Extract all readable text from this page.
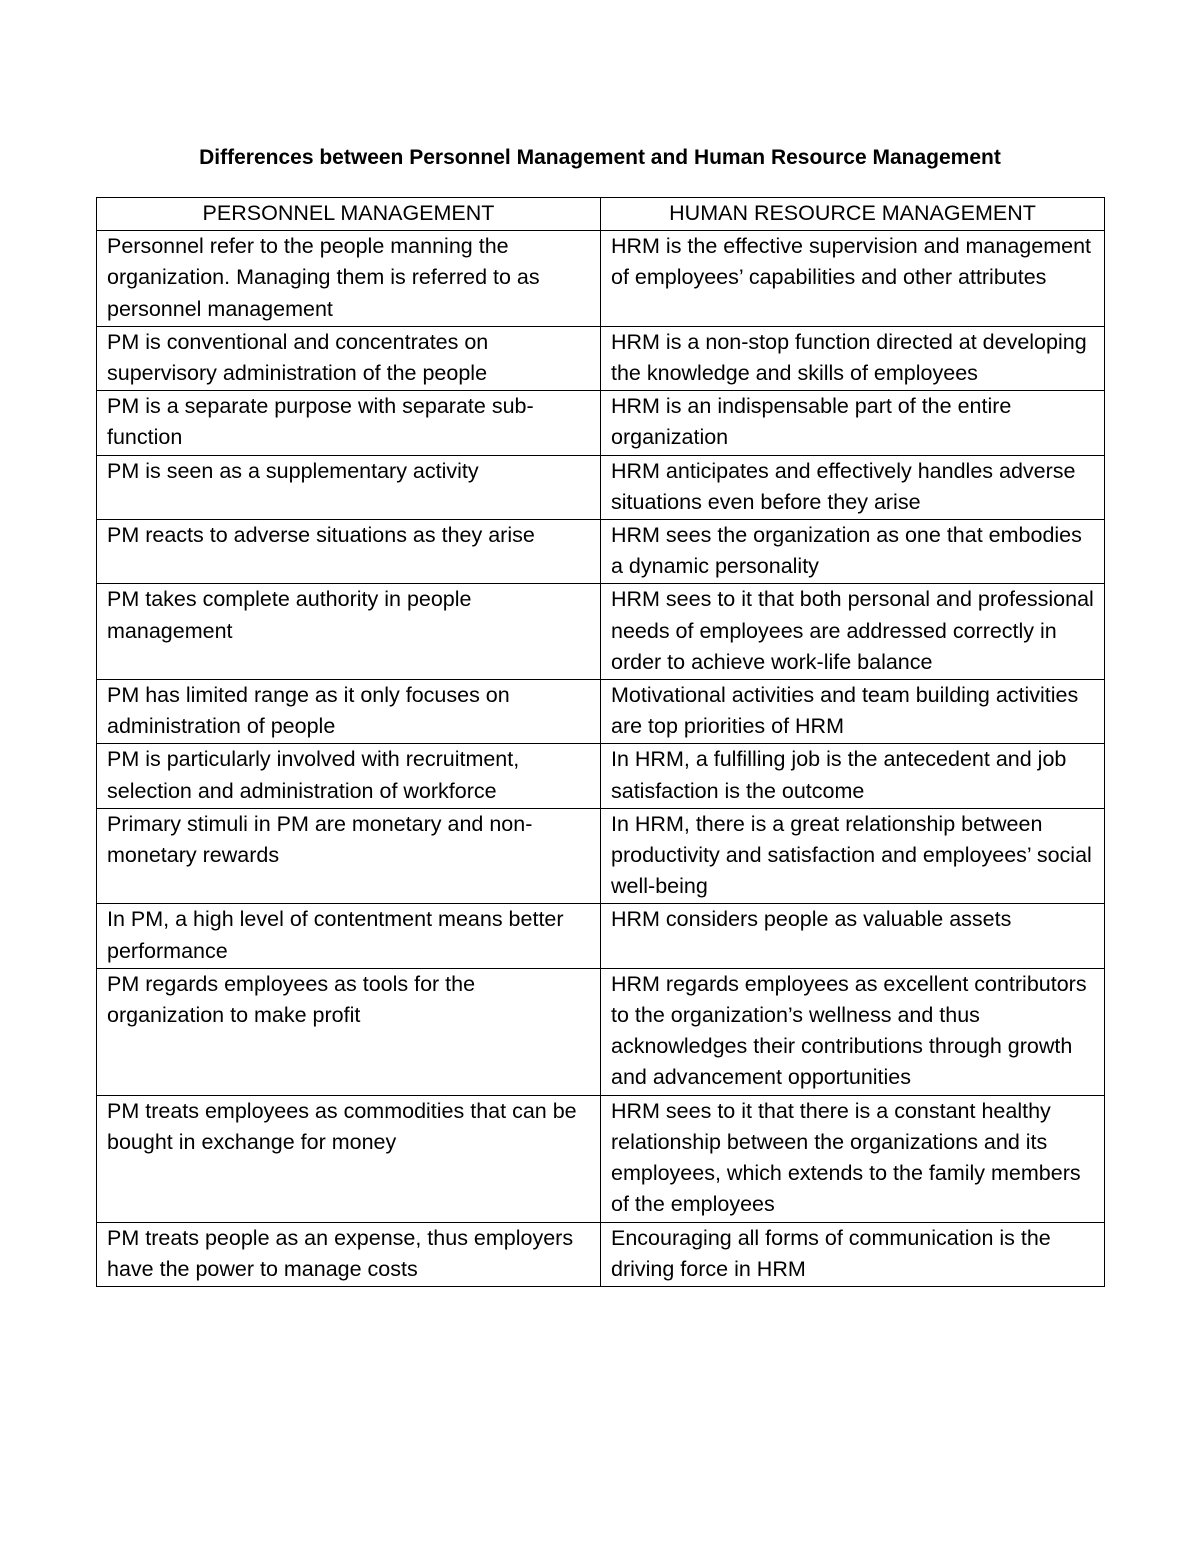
Differences between Personnel Management and Human Resource Management
PERSONNEL MANAGEMENT	HUMAN RESOURCE MANAGEMENT
Personnel refer to the people manning the organization. Managing them is referred to as personnel management	HRM is the effective supervision and management of employees’ capabilities and other attributes
PM is conventional and concentrates on supervisory administration of the people	HRM is a non-stop function directed at developing the knowledge and skills of employees
PM is a separate purpose with separate sub-function	HRM is an indispensable part of the entire organization
PM is seen as a supplementary activity	HRM anticipates and effectively handles adverse situations even before they arise
PM reacts to adverse situations as they arise	HRM sees the organization as one that embodies a dynamic personality
PM takes complete authority in people management	HRM sees to it that both personal and professional needs of employees are addressed correctly in order to achieve work-life balance
PM has limited range as it only focuses on administration of people	Motivational activities and team building activities are top priorities of HRM
PM is particularly involved with recruitment, selection and administration of workforce	In HRM, a fulfilling job is the antecedent and job satisfaction is the outcome
Primary stimuli in PM are monetary and non-monetary rewards	In HRM, there is a great relationship between productivity and satisfaction and employees’ social well-being
In PM, a high level of contentment means better performance	HRM considers people as valuable assets
PM regards employees as tools for the organization to make profit	HRM regards employees as excellent contributors to the organization’s wellness and thus acknowledges their contributions through growth and advancement opportunities
PM treats employees as commodities that can be bought in exchange for money	HRM sees to it that there is a constant healthy relationship between the organizations and its employees, which extends to the family members of the employees
PM treats people as an expense, thus employers have the power to manage costs	Encouraging all forms of communication is the driving force in HRM
